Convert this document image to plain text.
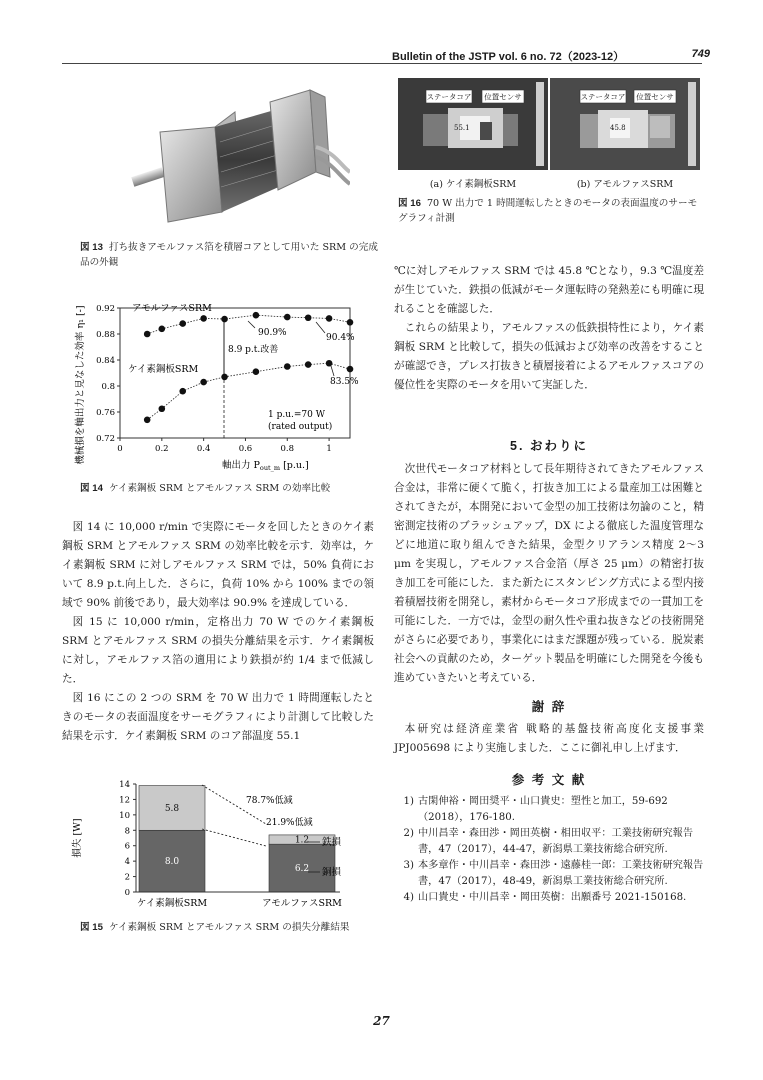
Bulletin of the JSTP vol. 6 no. 72（2023-12）	749
図 13 打ち抜きアモルファス箔を積層コアとして用いた SRM の完成品の外観
機械損を軸出力と見なした効率 η₁ [-] 0.72
0.76
0.8
0.84
0.88
0.92
0	0.2	0.4	0.6	0.8	1
アモルファスSRM
ケイ素鋼板SRM
8.9 p.t.改善
90.9%	90.4%
83.5%
1 p.u.=70 W
(rated output)
軸出力 $P_{out\_m}$ [p.u.]
図 14 ケイ素鋼板 SRM とアモルファス SRM の効率比較

図 14 に 10,000 r/min で実際にモータを回したときのケイ素鋼板 SRM とアモルファス SRM の効率比較を示す．効率は，ケイ素鋼板 SRM に対しアモルファス SRM では，50% 負荷において 8.9 p.t.向上した．さらに，負荷 10% から 100% までの領域で 90% 前後であり，最大効率は 90.9% を達成している．

図 15 に 10,000 r/min，定格出力 70 W でのケイ素鋼板 SRM とアモルファス SRM の損失分離結果を示す．ケイ素鋼板に対し，アモルファス箔の適用により鉄損が約 1/4 まで低減した．

図 16 にこの 2 つの SRM を 70 W 出力で 1 時間運転したときのモータの表面温度をサーモグラフィにより計測して比較した結果を示す．ケイ素鋼板 SRM のコア部温度 55.1

損失 [W]
0
2
4
6
8
10
12
14
8.0
5.8
6.2
1.2
ケイ素鋼板SRM	アモルファスSRM
78.7%低減
21.9%低減
鉄損
銅損
図 15 ケイ素鋼板 SRM とアモルファス SRM の損失分離結果
ステータコア 位置センサ
55.1
ステータコア 位置センサ
45.8
(a) ケイ素鋼板SRM	(b) アモルファスSRM
図 16 70 W 出力で 1 時間運転したときのモータの表面温度のサーモグラフィ計測

℃に対しアモルファス SRM では 45.8 ℃となり，9.3 ℃温度差が生じていた．鉄損の低減がモータ運転時の発熱差にも明確に現れることを確認した．

これらの結果より，アモルファスの低鉄損特性により，ケイ素鋼板 SRM と比較して，損失の低減および効率の改善をすることが確認でき，プレス打抜きと積層接着によるアモルファスコアの優位性を実際のモータを用いて実証した．

5. おわりに

次世代モータコア材料として長年期待されてきたアモルファス合金は，非常に硬くて脆く，打抜き加工による量産加工は困難とされてきたが，本開発において金型の加工技術は勿論のこと，精密測定技術のブラッシュアップ，DX による徹底した温度管理などに地道に取り組んできた結果，金型クリアランス精度 2～3 μm を実現し，アモルファス合金箔（厚さ 25 μm）の精密打抜き加工を可能にした．また新たにスタンピング方式による型内接着積層技術を開発し，素材からモータコア形成までの一貫加工を可能にした．一方では，金型の耐久性や重ね抜きなどの技術開発がさらに必要であり，事業化にはまだ課題が残っている．脱炭素社会への貢献のため，ターゲット製品を明確にした開発を今後も進めていきたいと考えている．

謝 辞

本研究は経済産業省 戦略的基盤技術高度化支援事業 JPJ005698 により実施しました．ここに御礼申し上げます．

参 考 文 献
1) 古閑伸裕・岡田奨平・山口貴史：塑性と加工，59-692（2018），176-180.
2) 中川昌幸・森田渉・岡田英樹・相田収平：工業技術研究報告書，47（2017），44-47，新潟県工業技術総合研究所.
3) 本多章作・中川昌幸・森田渉・遠藤桂一郎：工業技術研究報告書，47（2017），48-49，新潟県工業技術総合研究所.
4) 山口貴史・中川昌幸・岡田英樹：出願番号 2021-150168.
27
